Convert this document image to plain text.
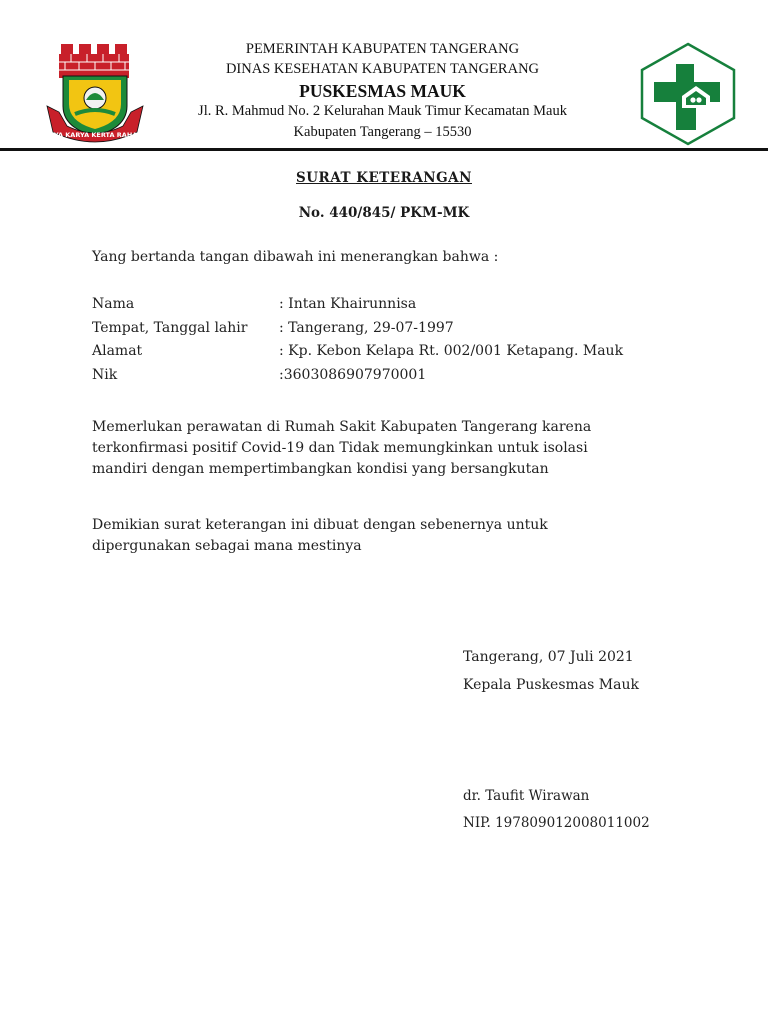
SATYA KARYA KERTA RAHARJA
PEMERINTAH KABUPATEN TANGERANG
DINAS KESEHATAN KABUPATEN TANGERANG
PUSKESMAS MAUK
Jl. R. Mahmud No. 2 Kelurahan Mauk Timur Kecamatan Mauk
Kabupaten Tangerang – 15530
SURAT KETERANGAN
No. 440/845/ PKM-MK
Yang bertanda tangan dibawah ini menerangkan bahwa :
Nama	: Intan Khairunnisa
Tempat, Tanggal lahir : Tangerang, 29-07-1997
Alamat	: Kp. Kebon Kelapa Rt. 002/001 Ketapang. Mauk
Nik	:3603086907970001
Memerlukan perawatan di Rumah Sakit Kabupaten Tangerang karena
terkonfirmasi positif Covid-19 dan Tidak memungkinkan untuk isolasi
mandiri dengan mempertimbangkan kondisi yang bersangkutan
Demikian surat keterangan ini dibuat dengan sebenernya untuk
dipergunakan sebagai mana mestinya
Tangerang, 07 Juli 2021
Kepala Puskesmas Mauk
dr. Taufit Wirawan
NIP. 197809012008011002
